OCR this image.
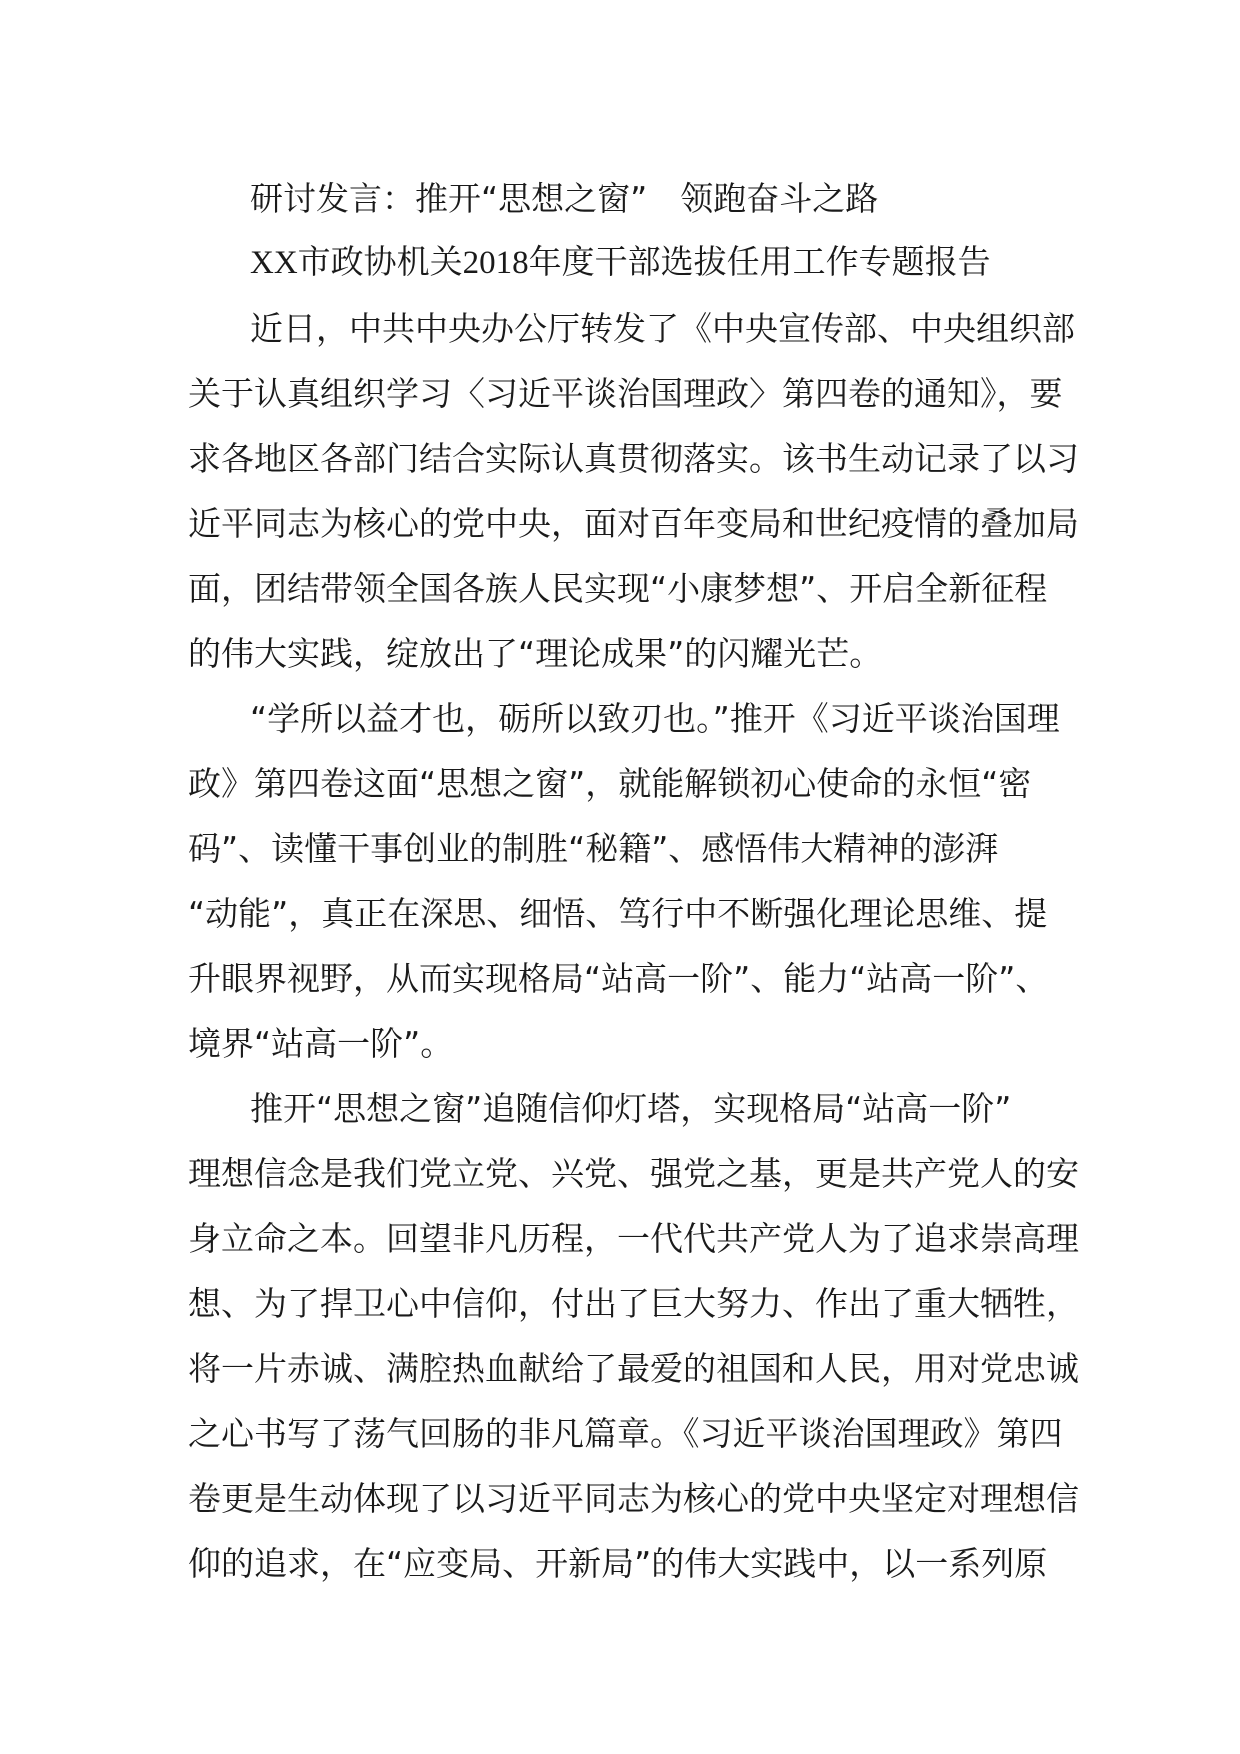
研讨发言：推开“思想之窗”　领跑奋斗之路
XX市政协机关2018年度干部选拔任用工作专题报告
近日，中共中央办公厅转发了《中央宣传部、中央组织部
关于认真组织学习〈习近平谈治国理政〉第四卷的通知》，要
求各地区各部门结合实际认真贯彻落实。该书生动记录了以习
近平同志为核心的党中央，面对百年变局和世纪疫情的叠加局
面，团结带领全国各族人民实现“小康梦想”、开启全新征程
的伟大实践，绽放出了“理论成果”的闪耀光芒。
“学所以益才也，砺所以致刃也。”推开《习近平谈治国理
政》第四卷这面“思想之窗”，就能解锁初心使命的永恒“密
码”、读懂干事创业的制胜“秘籍”、感悟伟大精神的澎湃
“动能”，真正在深思、细悟、笃行中不断强化理论思维、提
升眼界视野，从而实现格局“站高一阶”、能力“站高一阶”、
境界“站高一阶”。
推开“思想之窗”追随信仰灯塔，实现格局“站高一阶”
理想信念是我们党立党、兴党、强党之基，更是共产党人的安
身立命之本。回望非凡历程，一代代共产党人为了追求崇高理
想、为了捍卫心中信仰，付出了巨大努力、作出了重大牺牲，
将一片赤诚、满腔热血献给了最爱的祖国和人民，用对党忠诚
之心书写了荡气回肠的非凡篇章。《习近平谈治国理政》第四
卷更是生动体现了以习近平同志为核心的党中央坚定对理想信
仰的追求，在“应变局、开新局”的伟大实践中，以一系列原
